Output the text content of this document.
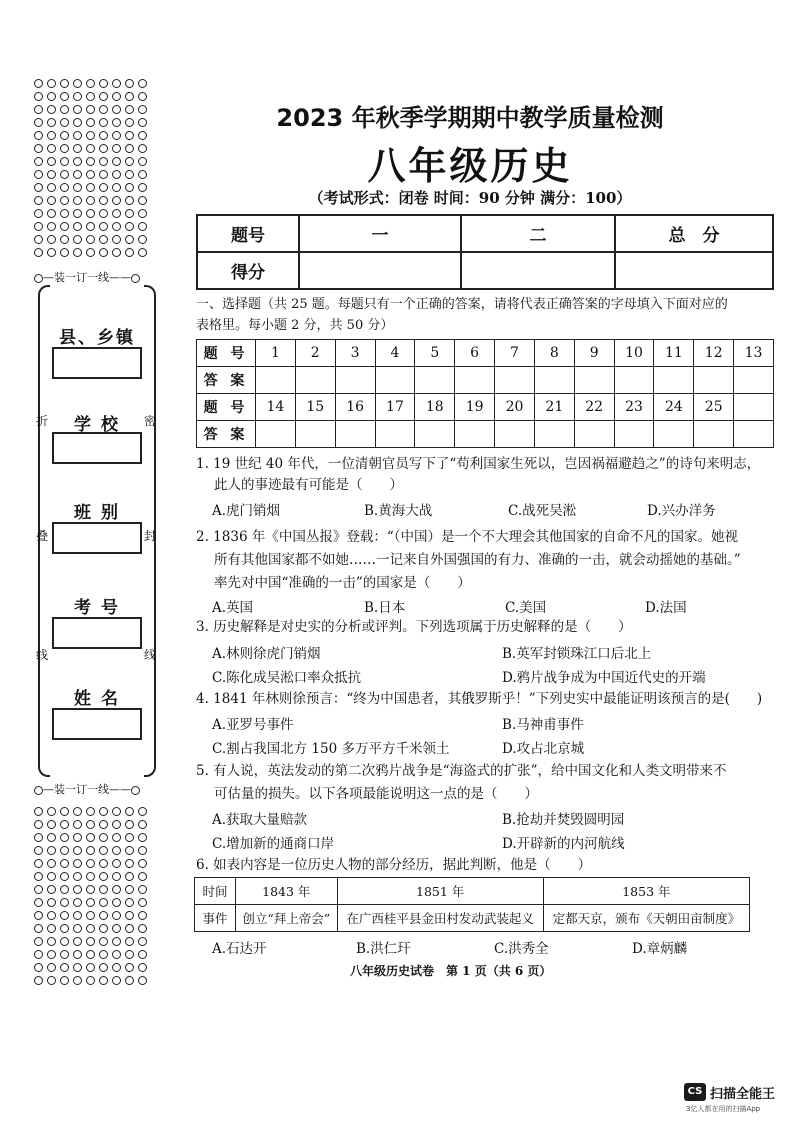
—装一订一线——
县、乡镇
学 校
班 别
考 号
姓 名
折
叠
线
密
封
线
—装一订一线——
2023 年秋季学期期中教学质量检测
八年级历史
（考试形式：闭卷 时间：90 分钟 满分：100）
题号	一	二	总　分
得分			
一、选择题（共 25 题。每题只有一个正确的答案，请将代表正确答案的字母填入下面对应的
表格里。每小题 2 分，共 50 分）
题 号	1	2	3	4	5	6	7	8	9	10	11	12	13
答 案													
题 号	14	15	16	17	18	19	20	21	22	23	24	25	
答 案													
1. 19 世纪 40 年代，一位清朝官员写下了“苟利国家生死以，岂因祸福避趋之”的诗句来明志，
此人的事迹最有可能是（　　）
A.虎门销烟	B.黄海大战	C.战死吴淞	D.兴办洋务
2. 1836 年《中国丛报》登载：“（中国）是一个不大理会其他国家的自命不凡的国家。她视
所有其他国家都不如她……一记来自外国强国的有力、准确的一击，就会动摇她的基础。”
率先对中国“准确的一击”的国家是（　　）
A.英国	B.日本	C.美国	D.法国
3. 历史解释是对史实的分析或评判。下列选项属于历史解释的是（　　）
A.林则徐虎门销烟	B.英军封锁珠江口后北上
C.陈化成吴淞口率众抵抗	D.鸦片战争成为中国近代史的开端
4. 1841 年林则徐预言：“终为中国患者，其俄罗斯乎！”下列史实中最能证明该预言的是(　　)
A.亚罗号事件	B.马神甫事件
C.割占我国北方 150 多万平方千米领土	D.攻占北京城
5. 有人说，英法发动的第二次鸦片战争是“海盗式的扩张”，给中国文化和人类文明带来不
可估量的损失。以下各项最能说明这一点的是（　　）
A.获取大量赔款	B.抢劫并焚毁圆明园
C.增加新的通商口岸	D.开辟新的内河航线
6. 如表内容是一位历史人物的部分经历，据此判断，他是（　　）
时间	1843 年	1851 年	1853 年
事件	创立“拜上帝会”	在广西桂平县金田村发动武装起义	定都天京，颁布《天朝田亩制度》
A.石达开	B.洪仁玕	C.洪秀全	D.章炳麟
八年级历史试卷　第 1 页（共 6 页）
CS 扫描全能王
3亿人都在用的扫描App
